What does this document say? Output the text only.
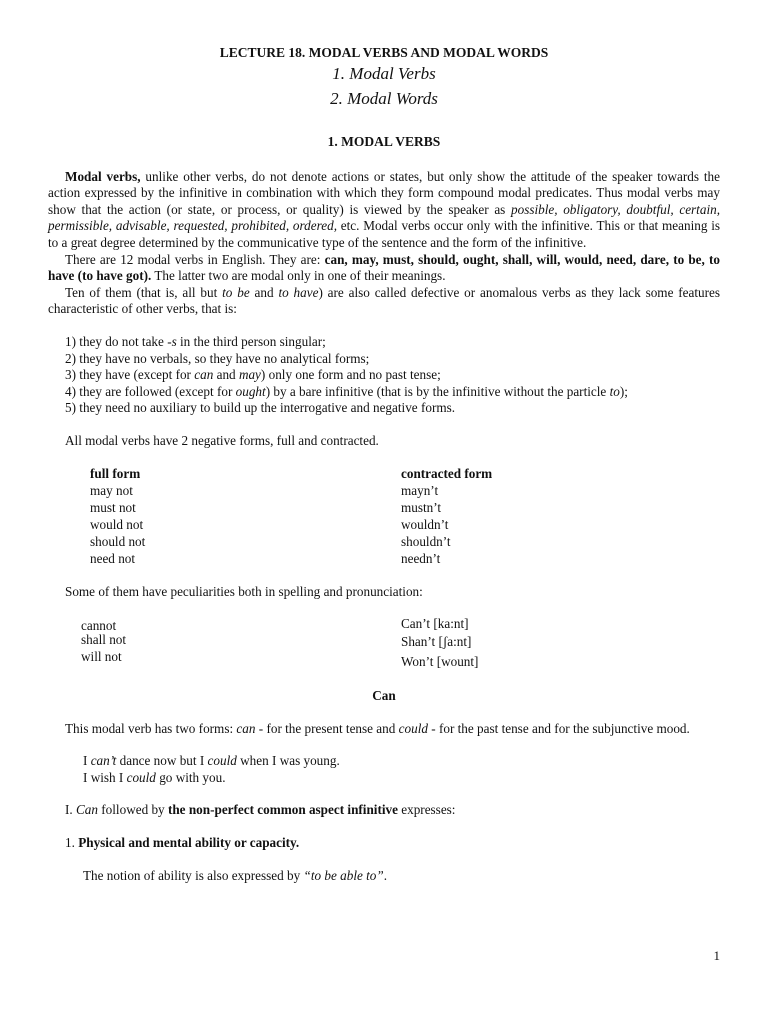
LECTURE 18. MODAL VERBS AND MODAL WORDS
1. Modal Verbs
2. Modal Words
1. MODAL VERBS

Modal verbs, unlike other verbs, do not denote actions or states, but only show the attitude of the speaker towards the action expressed by the infinitive in combination with which they form compound modal predicates. Thus modal verbs may show that the action (or state, or process, or quality) is viewed by the speaker as possible, obligatory, doubtful, certain, permissible, advisable, requested, prohibited, ordered, etc. Modal verbs occur only with the infinitive. This or that meaning is to a great degree determined by the communicative type of the sentence and the form of the infinitive.

There are 12 modal verbs in English. They are: can, may, must, should, ought, shall, will, would, need, dare, to be, to have (to have got). The latter two are modal only in one of their meanings.

Ten of them (that is, all but to be and to have) are also called defective or anomalous verbs as they lack some features characteristic of other verbs, that is:

1) they do not take -s in the third person singular;

2) they have no verbals, so they have no analytical forms;

3) they have (except for can and may) only one form and no past tense;

4) they are followed (except for ought) by a bare infinitive (that is by the infinitive without the particle to);

5) they need no auxiliary to build up the interrogative and negative forms.

All modal verbs have 2 negative forms, full and contracted.

full form	contracted form
may not	mayn’t
must not	mustn’t
would not	wouldn’t
should not	shouldn’t
need not	needn’t

Some of them have peculiarities both in spelling and pronunciation:

cannot	Can’t [ka:nt]
shall not	Shan’t [ʃa:nt]
will not	Won’t [wount]
Can

This modal verb has two forms: can - for the present tense and could - for the past tense and for the subjunctive mood.

I can’t dance now but I could when I was young.

I wish I could go with you.

I. Can followed by the non-perfect common aspect infinitive expresses:

1. Physical and mental ability or capacity.

The notion of ability is also expressed by “to be able to”.

1
